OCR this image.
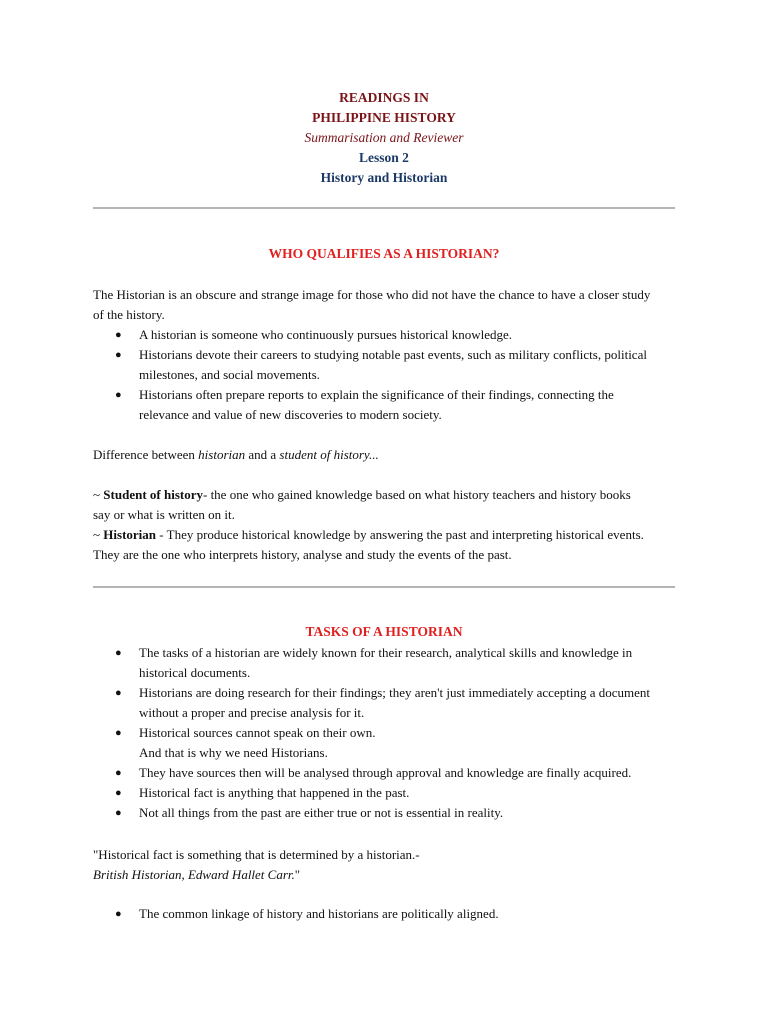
READINGS IN
PHILIPPINE HISTORY
Summarisation and Reviewer
Lesson 2
History and Historian
WHO QUALIFIES AS A HISTORIAN?
The Historian is an obscure and strange image for those who did not have the chance to have a closer study
of the history.
● A historian is someone who continuously pursues historical knowledge.
● Historians devote their careers to studying notable past events, such as military conflicts, political
milestones, and social movements.
● Historians often prepare reports to explain the significance of their findings, connecting the
relevance and value of new discoveries to modern society.
Difference between historian and a student of history...
~ Student of history- the one who gained knowledge based on what history teachers and history books
say or what is written on it.
~ Historian - They produce historical knowledge by answering the past and interpreting historical events.
They are the one who interprets history, analyse and study the events of the past.
TASKS OF A HISTORIAN
● The tasks of a historian are widely known for their research, analytical skills and knowledge in
historical documents.
● Historians are doing research for their findings; they aren't just immediately accepting a document
without a proper and precise analysis for it.
● Historical sources cannot speak on their own.
And that is why we need Historians.
● They have sources then will be analysed through approval and knowledge are finally acquired.
● Historical fact is anything that happened in the past.
● Not all things from the past are either true or not is essential in reality.
"Historical fact is something that is determined by a historian.-
British Historian, Edward Hallet Carr."
● The common linkage of history and historians are politically aligned.
